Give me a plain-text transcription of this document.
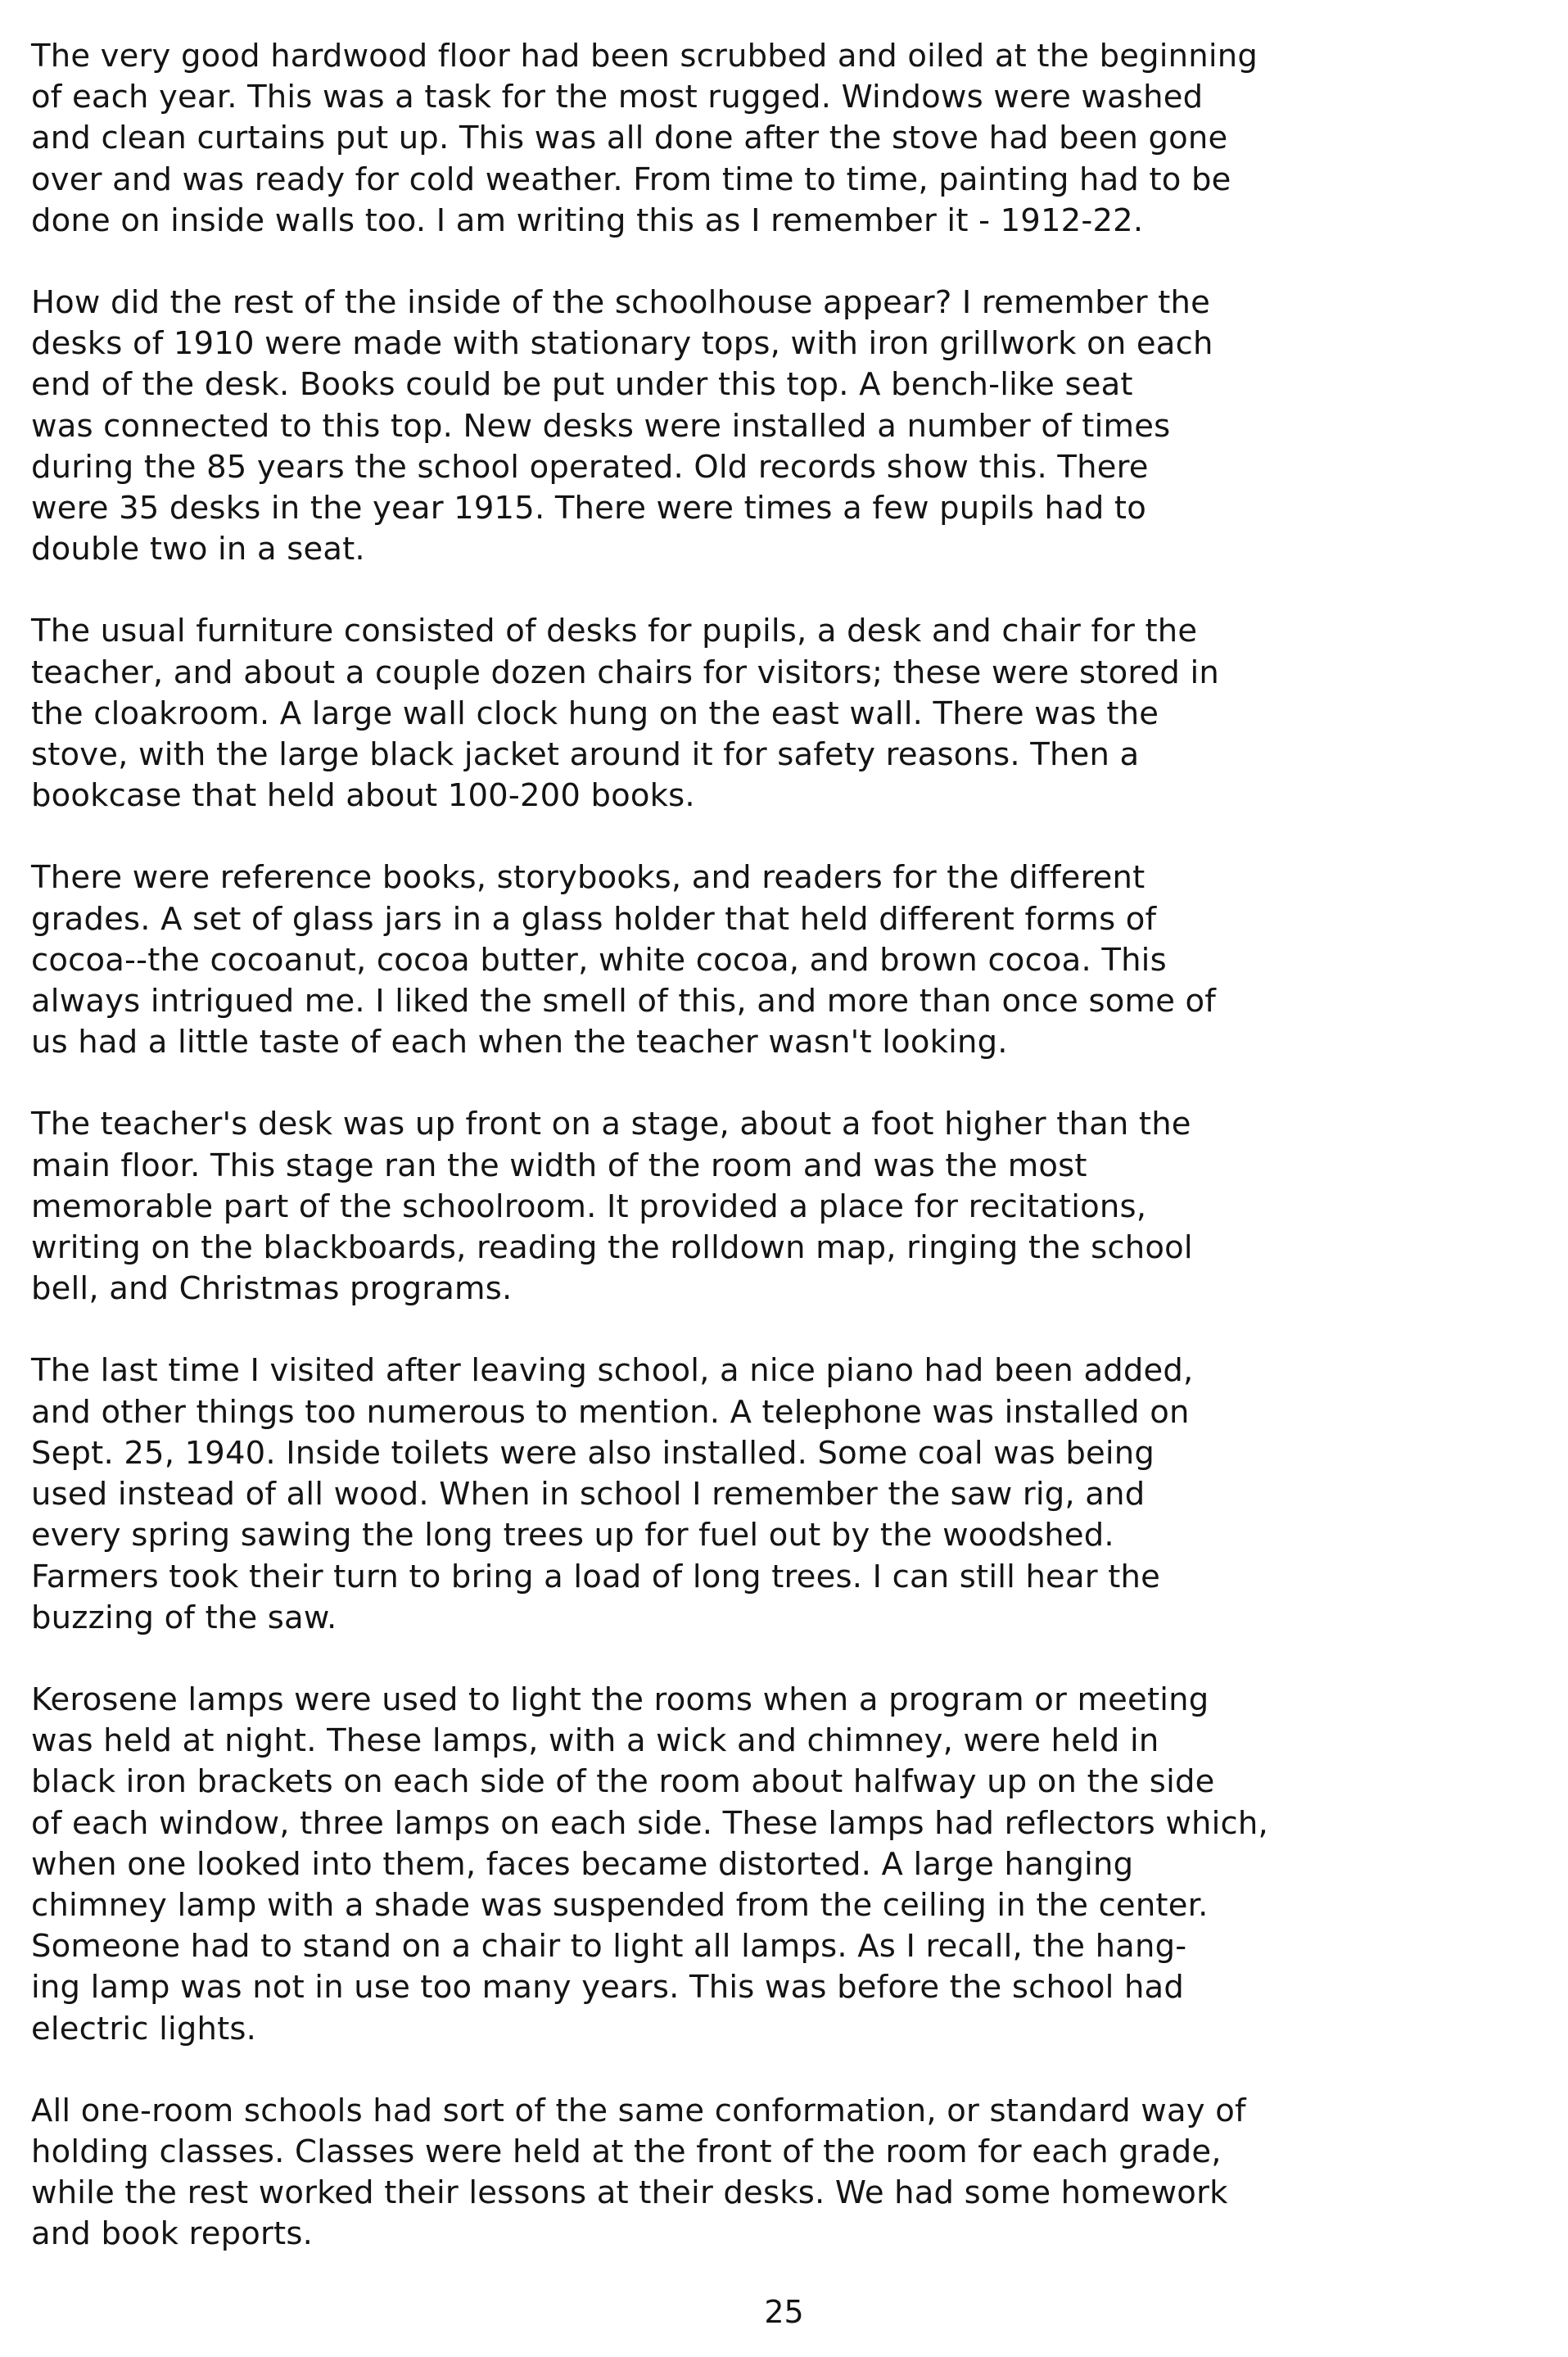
The very good hardwood floor had been scrubbed and oiled at the beginning
of each year. This was a task for the most rugged. Windows were washed
and clean curtains put up. This was all done after the stove had been gone
over and was ready for cold weather. From time to time, painting had to be
done on inside walls too. I am writing this as I remember it - 1912-22.

How did the rest of the inside of the schoolhouse appear? I remember the
desks of 1910 were made with stationary tops, with iron grillwork on each
end of the desk. Books could be put under this top. A bench-like seat
was connected to this top. New desks were installed a number of times
during the 85 years the school operated. Old records show this. There
were 35 desks in the year 1915. There were times a few pupils had to
double two in a seat.

The usual furniture consisted of desks for pupils, a desk and chair for the
teacher, and about a couple dozen chairs for visitors; these were stored in
the cloakroom. A large wall clock hung on the east wall. There was the
stove, with the large black jacket around it for safety reasons. Then a
bookcase that held about 100-200 books.

There were reference books, storybooks, and readers for the different
grades. A set of glass jars in a glass holder that held different forms of
cocoa--the cocoanut, cocoa butter, white cocoa, and brown cocoa. This
always intrigued me. I liked the smell of this, and more than once some of
us had a little taste of each when the teacher wasn't looking.

The teacher's desk was up front on a stage, about a foot higher than the
main floor. This stage ran the width of the room and was the most
memorable part of the schoolroom. It provided a place for recitations,
writing on the blackboards, reading the rolldown map, ringing the school
bell, and Christmas programs.

The last time I visited after leaving school, a nice piano had been added,
and other things too numerous to mention. A telephone was installed on
Sept. 25, 1940. Inside toilets were also installed. Some coal was being
used instead of all wood. When in school I remember the saw rig, and
every spring sawing the long trees up for fuel out by the woodshed.
Farmers took their turn to bring a load of long trees. I can still hear the
buzzing of the saw.

Kerosene lamps were used to light the rooms when a program or meeting
was held at night. These lamps, with a wick and chimney, were held in
black iron brackets on each side of the room about halfway up on the side
of each window, three lamps on each side. These lamps had reflectors which,
when one looked into them, faces became distorted. A large hanging
chimney lamp with a shade was suspended from the ceiling in the center.
Someone had to stand on a chair to light all lamps. As I recall, the hang-
ing lamp was not in use too many years. This was before the school had
electric lights.

All one-room schools had sort of the same conformation, or standard way of
holding classes. Classes were held at the front of the room for each grade,
while the rest worked their lessons at their desks. We had some homework
and book reports.

25
